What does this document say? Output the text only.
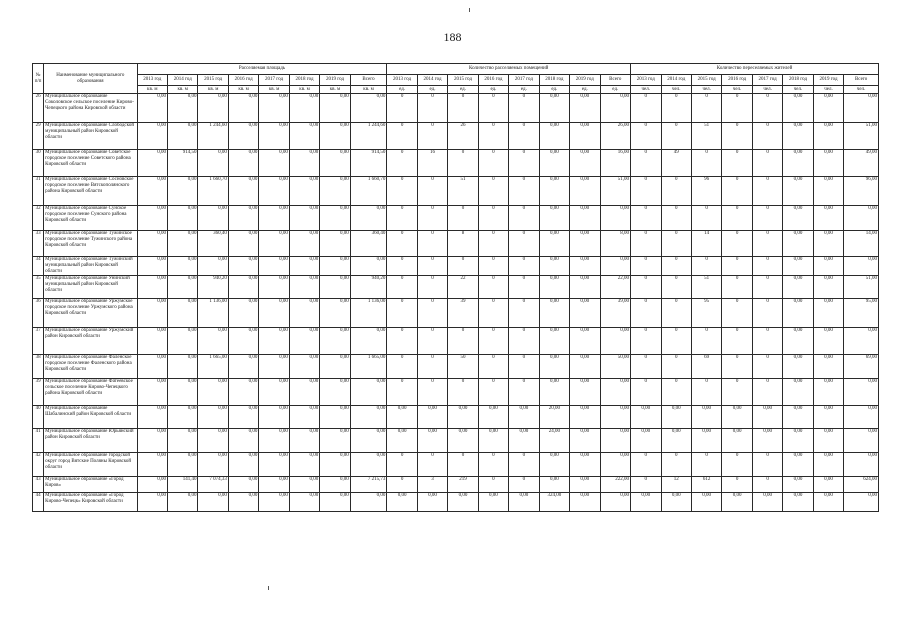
188
№ п/п	Наименование муниципального образования	Расселяемая площадь								Количество расселяемых помещений								Количество переселяемых жителей							
		2013 год	2014 год	2015 год	2016 год	2017 год	2018 год	2019 год	Всего	2013 год	2014 год	2015 год	2016 год	2017 год	2018 год	2019 год	Всего	2013 год	2014 год	2015 год	2016 год	2017 год	2018 год	2019 год	Всего
		кв. м	кв. м	кв. м	кв. м	кв. м	кв. м	кв. м	кв. м	ед.	ед.	ед.	ед.	ед.	ед.	ед.	ед.	чел.	чел.	чел.	чел.	чел.	чел.	чел.	чел.
26	Муниципальное образование Соколовское сельское поселение Кирово-Чепецкого района Кировской области	0,00	0,00	0,00	0,00	0,00	0,00	0,00	0,00	0	0	0	0	0	0,00	0,00	0,00	0	0	0	0	0	0,00	0,00	0,00
29	Муниципальное образование Слободской муниципальный район Кировской области	0,00	0,00	1 244,60	0,00	0,00	0,00	0,00	1 244,60	0	0	26	0	0	0,00	0,00	26,00	0	0	51	0	0	0,00	0,00	51,00
30	Муниципальное образование Советское городское поселение Советского района Кировской области	0,00	914,50	0,00	0,00	0,00	0,00	0,00	914,50	0	16	0	0	0	0,00	0,00	16,00	0	49	0	0	0	0,00	0,00	49,00
31	Муниципальное образование Сосновское городское поселение Вятскополянского района Кировской области	0,00	0,00	1 660,70	0,00	0,00	0,00	0,00	1 660,70	0	0	51	0	0	0,00	0,00	51,00	0	0	96	0	0	0,00	0,00	96,00
32	Муниципальное образование Сунское городское поселение Сунского района Кировской области	0,00	0,00	0,00	0,00	0,00	0,00	0,00	0,00	0	0	0	0	0	0,00	0,00	0,00	0	0	0	0	0	0,00	0,00	0,00
33	Муниципальное образование Тужинское городское поселение Тужинского района Кировской области	0,00	0,00	360,40	0,00	0,00	0,00	0,00	360,40	0	0	8	0	0	0,00	0,00	8,00	0	0	14	0	0	0,00	0,00	14,00
34	Муниципальное образование Тужинский муниципальный район Кировской области	0,00	0,00	0,00	0,00	0,00	0,00	0,00	0,00	0	0	0	0	0	0,00	0,00	0,00	0	0	0	0	0	0,00	0,00	0,00
35	Муниципальное образование Унинский муниципальный район Кировской области	0,00	0,00	940,20	0,00	0,00	0,00	0,00	940,20	0	0	22	0	0	0,00	0,00	22,00	0	0	51	0	0	0,00	0,00	51,00
36	Муниципальное образование Уржумское городское поселение Уржумского района Кировской области	0,00	0,00	1 136,00	0,00	0,00	0,00	0,00	1 136,00	0	0	39	0	0	0,00	0,00	39,00	0	0	95	0	0	0,00	0,00	95,00
37	Муниципальное образование Уржумский район Кировской области	0,00	0,00	0,00	0,00	0,00	0,00	0,00	0,00	0	0	0	0	0	0,00	0,00	0,00	0	0	0	0	0	0,00	0,00	0,00
38	Муниципальное образование Фаленское городское поселение Фаленского района Кировской области	0,00	0,00	1 665,00	0,00	0,00	0,00	0,00	1 665,00	0	0	50	0	0	0,00	0,00	50,00	0	0	69	0	0	0,00	0,00	69,00
39	Муниципальное образование Фатеевское сельское поселение Кирово-Чепецкого района Кировской области	0,00	0,00	0,00	0,00	0,00	0,00	0,00	0,00	0	0	0	0	0	0,00	0,00	0,00	0	0	0	0	0	0,00	0,00	0,00
40	Муниципальное образование Шабалинский район Кировской области	0,00	0,00	0,00	0,00	0,00	0,00	0,00	0,00	0,00	0,00	0,00	0,00	0,00	20,00	0,00	0,00	0,00	0,00	0,00	0,00	0,00	0,00	0,00	0,00
41	Муниципальное образование Юрьянский район Кировской области	0,00	0,00	0,00	0,00	0,00	0,00	0,00	0,00	0,00	0,00	0,00	0,00	0,00	24,00	0,00	0,00	0,00	0,00	0,00	0,00	0,00	0,00	0,00	0,00
42	Муниципальное образование городской округ город Вятские Поляны Кировской области	0,00	0,00	0,00	0,00	0,00	0,00	0,00	0,00	0	0	0	0	0	0,00	0,00	0,00	0	0	0	0	0	0,00	0,00	0,00
43	Муниципальное образование «Город Киров»	0,00	141,40	7 074,33	0,00	0,00	0,00	0,00	7 215,73	0	3	219	0	0	0,00	0,00	222,00	0	12	612	0	0	0,00	0,00	624,00
44	Муниципальное образование «Город Кирово-Чепецк» Кировской области	0,00	0,00	0,00	0,00	0,00	0,00	0,00	0,00	0,00	0,00	0,00	0,00	0,00	324,00	0,00	0,00	0,00	0,00	0,00	0,00	0,00	0,00	0,00	0,00
